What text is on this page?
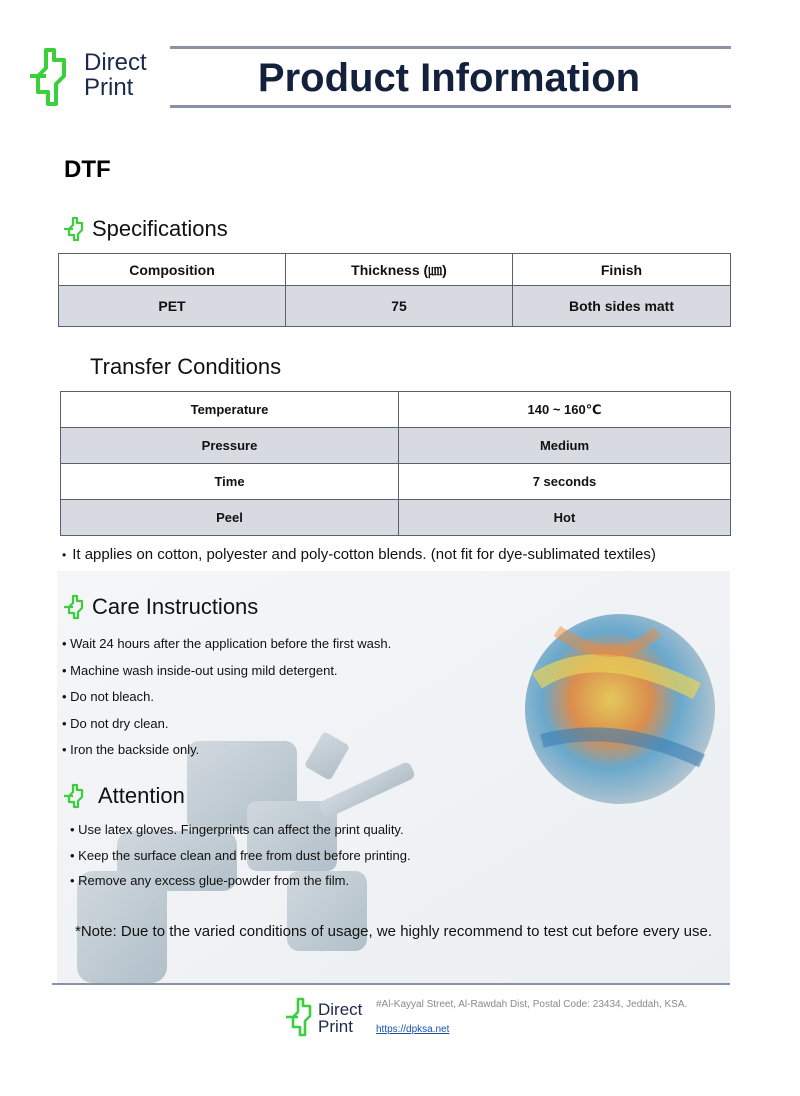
Direct
Print	Product Information
DTF
Specifications
Composition	Thickness (㎛)	Finish
PET	75	Both sides matt
Transfer Conditions
Temperature	140 ~ 160℃
Pressure	Medium
Time	7 seconds
Peel	Hot
• It applies on cotton, polyester and poly-cotton blends. (not fit for dye-sublimated textiles)
Care Instructions
• Wait 24 hours after the application before the first wash.
• Machine wash inside-out using mild detergent.
• Do not bleach.
• Do not dry clean.
• Iron the backside only.
Attention
• Use latex gloves. Fingerprints can affect the print quality.
• Keep the surface clean and free from dust before printing.
• Remove any excess glue-powder from the film.
*Note: Due to the varied conditions of usage, we highly recommend to test cut before every use.
Direct
Print
#Al-Kayyal Street, Al-Rawdah Dist, Postal Code: 23434, Jeddah, KSA.
https://dpksa.net
